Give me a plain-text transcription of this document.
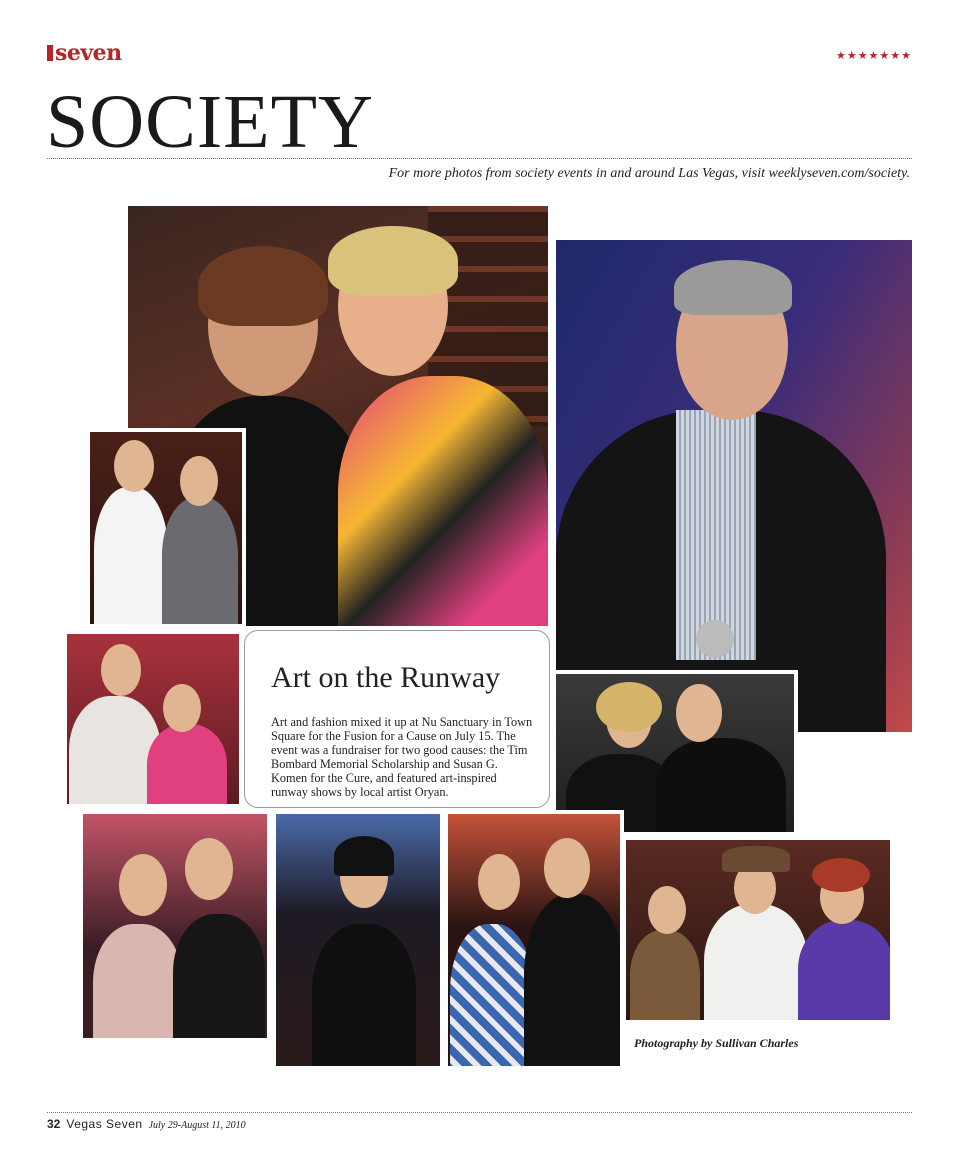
seven	★★★★★★★
SOCIETY
For more photos from society events in and around Las Vegas, visit weeklyseven.com/society.
Art on the Runway
Art and fashion mixed it up at Nu Sanctuary in Town Square for the Fusion for a Cause on July 15. The event was a fundraiser for two good causes: the Tim Bombard Memorial Scholarship and Susan G. Komen for the Cure, and featured art-inspired runway shows by local artist Oryan.
Photography by Sullivan Charles
32 Vegas Seven July 29-August 11, 2010
